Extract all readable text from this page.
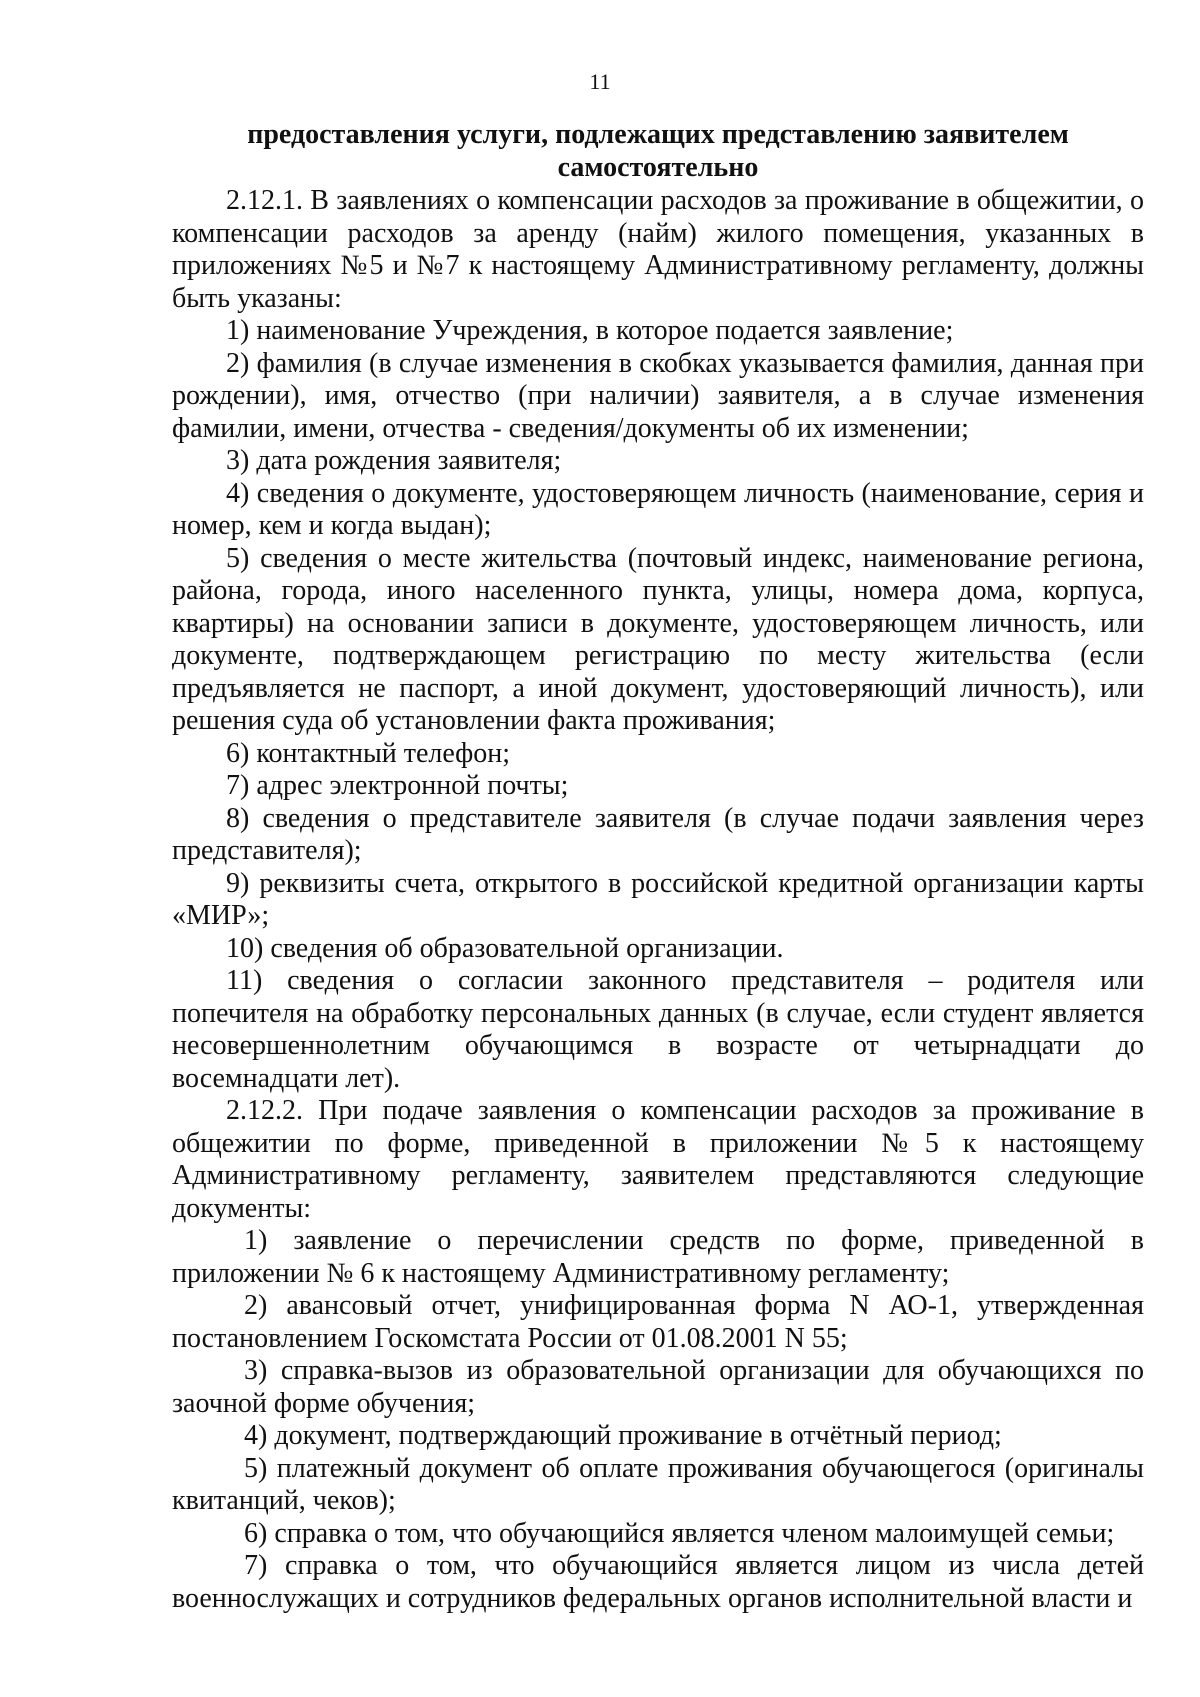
11
предоставления услуги, подлежащих представлению заявителем
самостоятельно

2.12.1. В заявлениях о компенсации расходов за проживание в общежитии, о компенсации расходов за аренду (найм) жилого помещения, указанных в приложениях №5 и №7 к настоящему Административному регламенту, должны быть указаны:

1) наименование Учреждения, в которое подается заявление;

2) фамилия (в случае изменения в скобках указывается фамилия, данная при рождении), имя, отчество (при наличии) заявителя, а в случае изменения фамилии, имени, отчества - сведения/документы об их изменении;

3) дата рождения заявителя;

4) сведения о документе, удостоверяющем личность (наименование, серия и номер, кем и когда выдан);

5) сведения о месте жительства (почтовый индекс, наименование региона, района, города, иного населенного пункта, улицы, номера дома, корпуса, квартиры) на основании записи в документе, удостоверяющем личность, или документе, подтверждающем регистрацию по месту жительства (если предъявляется не паспорт, а иной документ, удостоверяющий личность), или решения суда об установлении факта проживания;

6) контактный телефон;

7) адрес электронной почты;

8) сведения о представителе заявителя (в случае подачи заявления через представителя);

9) реквизиты счета, открытого в российской кредитной организации карты «МИР»;

10) сведения об образовательной организации.

11) сведения о согласии законного представителя – родителя или попечителя на обработку персональных данных (в случае, если студент является несовершеннолетним обучающимся в возрасте от четырнадцати до восемнадцати лет).

2.12.2. При подаче заявления о компенсации расходов за проживание в общежитии по форме, приведенной в приложении №5 к настоящему Административному регламенту, заявителем представляются следующие документы:

1) заявление о перечислении средств по форме, приведенной в приложении № 6 к настоящему Административному регламенту;

2) авансовый отчет, унифицированная форма N АО-1, утвержденная постановлением Госкомстата России от 01.08.2001 N 55;

3) справка-вызов из образовательной организации для обучающихся по заочной форме обучения;

4) документ, подтверждающий проживание в отчётный период;

5) платежный документ об оплате проживания обучающегося (оригиналы квитанций, чеков);

6) справка о том, что обучающийся является членом малоимущей семьи;

7) справка о том, что обучающийся является лицом из числа детей военнослужащих и сотрудников федеральных органов исполнительной власти и
